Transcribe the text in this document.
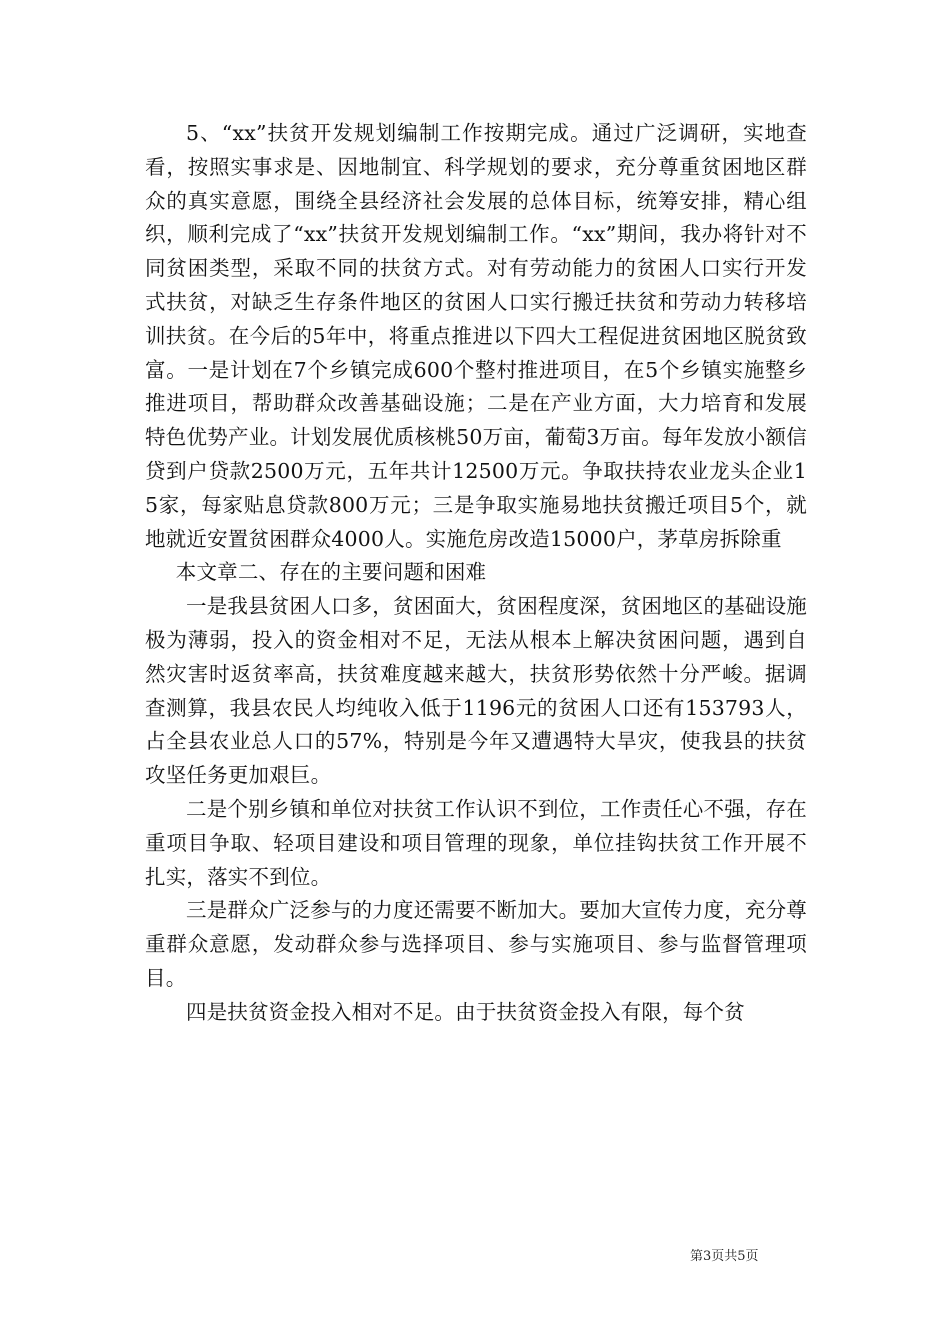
5、“xx”扶贫开发规划编制工作按期完成。通过广泛调研，实地查看，按照实事求是、因地制宜、科学规划的要求，充分尊重贫困地区群众的真实意愿，围绕全县经济社会发展的总体目标，统筹安排，精心组织，顺利完成了“xx”扶贫开发规划编制工作。“xx”期间，我办将针对不同贫困类型，采取不同的扶贫方式。对有劳动能力的贫困人口实行开发式扶贫，对缺乏生存条件地区的贫困人口实行搬迁扶贫和劳动力转移培训扶贫。在今后的5年中，将重点推进以下四大工程促进贫困地区脱贫致富。一是计划在7个乡镇完成600个整村推进项目，在5个乡镇实施整乡推进项目，帮助群众改善基础设施；二是在产业方面，大力培育和发展特色优势产业。计划发展优质核桃50万亩，葡萄3万亩。每年发放小额信贷到户贷款2500万元，五年共计12500万元。争取扶持农业龙头企业15家，每家贴息贷款800万元；三是争取实施易地扶贫搬迁项目5个，就地就近安置贫困群众4000人。实施危房改造15000户，茅草房拆除重

本文章二、存在的主要问题和困难

一是我县贫困人口多，贫困面大，贫困程度深，贫困地区的基础设施极为薄弱，投入的资金相对不足，无法从根本上解决贫困问题，遇到自然灾害时返贫率高，扶贫难度越来越大，扶贫形势依然十分严峻。据调查测算，我县农民人均纯收入低于1196元的贫困人口还有153793人，占全县农业总人口的57%，特别是今年又遭遇特大旱灾，使我县的扶贫攻坚任务更加艰巨。

二是个别乡镇和单位对扶贫工作认识不到位，工作责任心不强，存在重项目争取、轻项目建设和项目管理的现象，单位挂钩扶贫工作开展不扎实，落实不到位。

三是群众广泛参与的力度还需要不断加大。要加大宣传力度，充分尊重群众意愿，发动群众参与选择项目、参与实施项目、参与监督管理项目。

四是扶贫资金投入相对不足。由于扶贫资金投入有限，每个贫

第3页共5页
